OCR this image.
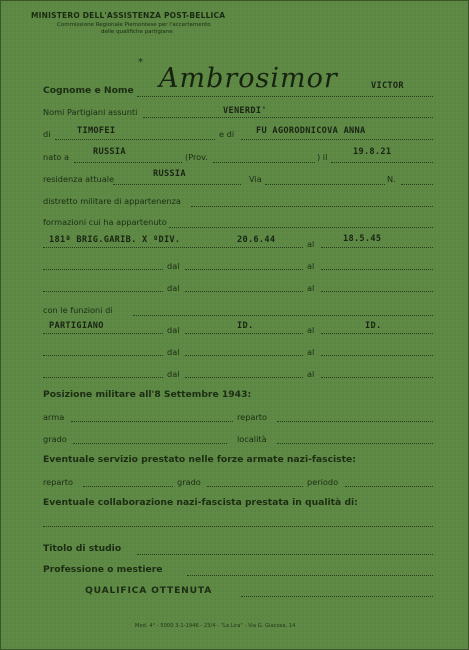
MINISTERO DELL'ASSISTENZA POST-BELLICA
Commissione Regionale Piemontese per l'accertamento
delle qualifiche partigiane
*
Cognome e Nome Ambrosimor	VICTOR
Nomi Partigiani assunti	VENERDI'
di	TIMOFEI	e di	FU AGORODNICOVA ANNA
nato a	RUSSIA	(Prov.	) il	19.8.21
residenza attuale	RUSSIA	Via	N.
distretto militare di appartenenza
formazioni cui ha appartenuto
181ª BRIG.GARIB. X ºDIV.	20.6.44	al	18.5.45
dal	al
dal	al
con le funzioni di
PARTIGIANO	dal	ID.	al	ID.
dal	al
dal	al
Posizione militare all'8 Settembre 1943:
arma	reparto
grado	località
Eventuale servizio prestato nelle forze armate nazi-fasciste:
reparto	grado	periodo
Eventuale collaborazione nazi-fascista prestata in qualità di:
Titolo di studio
Professione o mestiere
QUALIFICA OTTENUTA
Mod. 4° - 5000 3-1-1946 - 23/4 - "La Lira" - Via G. Giacosa, 14
